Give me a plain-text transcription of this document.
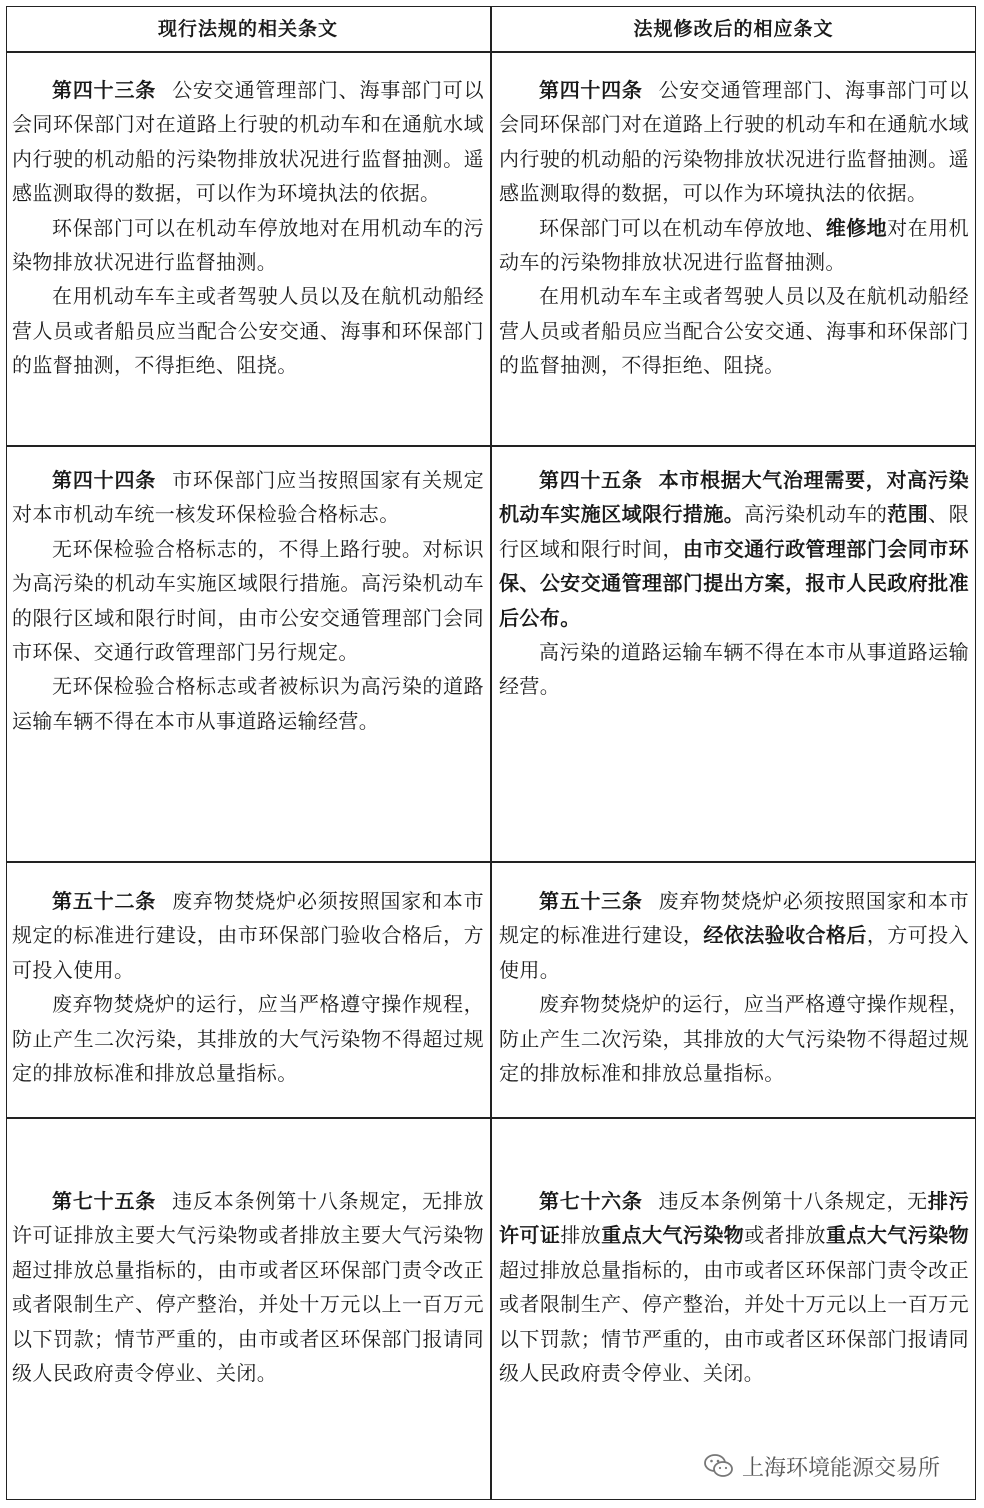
现行法规的相关条文	法规修改后的相应条文

第四十三条 公安交通管理部门、海事部门可以会同环保部门对在道路上行驶的机动车和在通航水域内行驶的机动船的污染物排放状况进行监督抽测。遥感监测取得的数据，可以作为环境执法的依据。

环保部门可以在机动车停放地对在用机动车的污染物排放状况进行监督抽测。

在用机动车车主或者驾驶人员以及在航机动船经营人员或者船员应当配合公安交通、海事和环保部门的监督抽测，不得拒绝、阻挠。

第四十四条 公安交通管理部门、海事部门可以会同环保部门对在道路上行驶的机动车和在通航水域内行驶的机动船的污染物排放状况进行监督抽测。遥感监测取得的数据，可以作为环境执法的依据。

环保部门可以在机动车停放地、维修地对在用机动车的污染物排放状况进行监督抽测。

在用机动车车主或者驾驶人员以及在航机动船经营人员或者船员应当配合公安交通、海事和环保部门的监督抽测，不得拒绝、阻挠。

第四十四条 市环保部门应当按照国家有关规定对本市机动车统一核发环保检验合格标志。

无环保检验合格标志的，不得上路行驶。对标识为高污染的机动车实施区域限行措施。高污染机动车的限行区域和限行时间，由市公安交通管理部门会同市环保、交通行政管理部门另行规定。

无环保检验合格标志或者被标识为高污染的道路运输车辆不得在本市从事道路运输经营。

第四十五条 本市根据大气治理需要，对高污染机动车实施区域限行措施。高污染机动车的范围、限行区域和限行时间，由市交通行政管理部门会同市环保、公安交通管理部门提出方案，报市人民政府批准后公布。

高污染的道路运输车辆不得在本市从事道路运输经营。

第五十二条 废弃物焚烧炉必须按照国家和本市规定的标准进行建设，由市环保部门验收合格后，方可投入使用。

废弃物焚烧炉的运行，应当严格遵守操作规程，防止产生二次污染，其排放的大气污染物不得超过规定的排放标准和排放总量指标。

第五十三条 废弃物焚烧炉必须按照国家和本市规定的标准进行建设，经依法验收合格后，方可投入使用。

废弃物焚烧炉的运行，应当严格遵守操作规程，防止产生二次污染，其排放的大气污染物不得超过规定的排放标准和排放总量指标。

第七十五条 违反本条例第十八条规定，无排放许可证排放主要大气污染物或者排放主要大气污染物超过排放总量指标的，由市或者区环保部门责令改正或者限制生产、停产整治，并处十万元以上一百万元以下罚款；情节严重的，由市或者区环保部门报请同级人民政府责令停业、关闭。

第七十六条 违反本条例第十八条规定，无排污许可证排放重点大气污染物或者排放重点大气污染物超过排放总量指标的，由市或者区环保部门责令改正或者限制生产、停产整治，并处十万元以上一百万元以下罚款；情节严重的，由市或者区环保部门报请同级人民政府责令停业、关闭。

上海环境能源交易所
